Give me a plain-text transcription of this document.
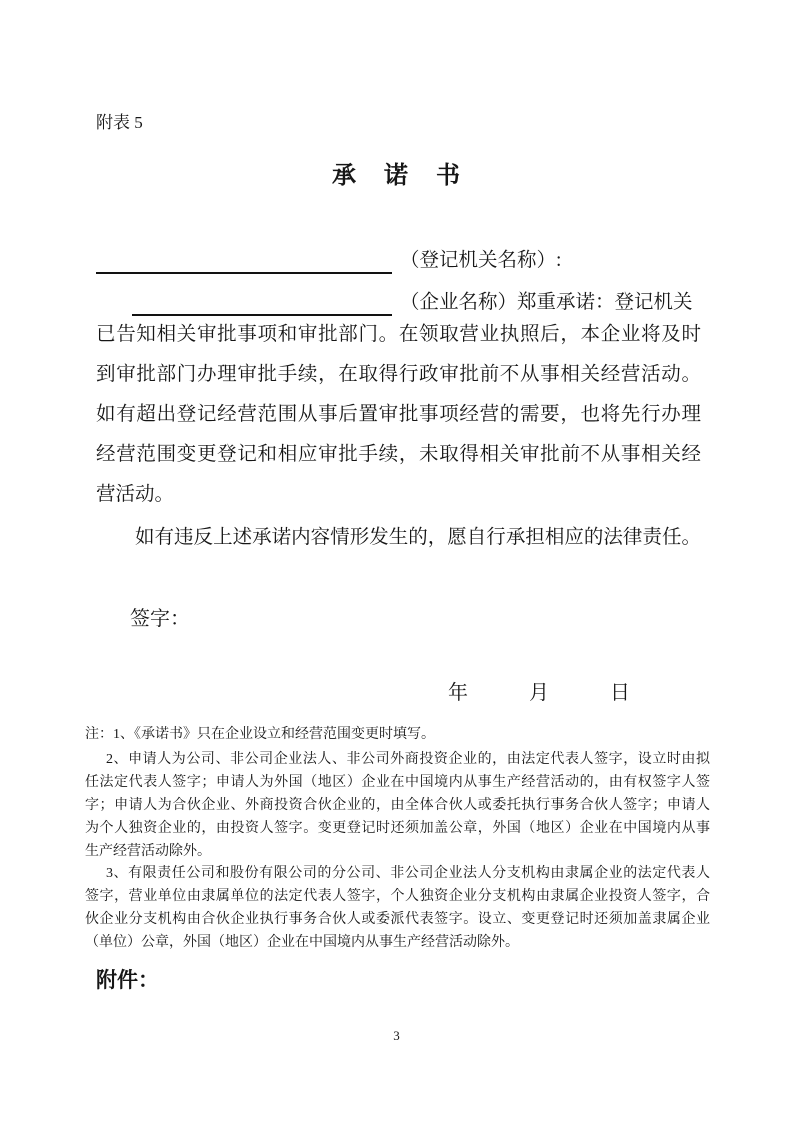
附表 5
承 诺 书
（登记机关名称）:
（企业名称）郑重承诺：登记机关
已告知相关审批事项和审批部门。在领取营业执照后，本企业将及时
到审批部门办理审批手续，在取得行政审批前不从事相关经营活动。
如有超出登记经营范围从事后置审批事项经营的需要，也将先行办理
经营范围变更登记和相应审批手续，未取得相关审批前不从事相关经
营活动。
如有违反上述承诺内容情形发生的，愿自行承担相应的法律责任。
签字：
年	月	日
注：1、《承诺书》只在企业设立和经营范围变更时填写。
2、申请人为公司、非公司企业法人、非公司外商投资企业的，由法定代表人签字，设立时由拟
任法定代表人签字；申请人为外国（地区）企业在中国境内从事生产经营活动的，由有权签字人签
字；申请人为合伙企业、外商投资合伙企业的，由全体合伙人或委托执行事务合伙人签字；申请人
为个人独资企业的，由投资人签字。变更登记时还须加盖公章，外国（地区）企业在中国境内从事
生产经营活动除外。
3、有限责任公司和股份有限公司的分公司、非公司企业法人分支机构由隶属企业的法定代表人
签字，营业单位由隶属单位的法定代表人签字，个人独资企业分支机构由隶属企业投资人签字，合
伙企业分支机构由合伙企业执行事务合伙人或委派代表签字。设立、变更登记时还须加盖隶属企业
（单位）公章，外国（地区）企业在中国境内从事生产经营活动除外。
附件：
3
